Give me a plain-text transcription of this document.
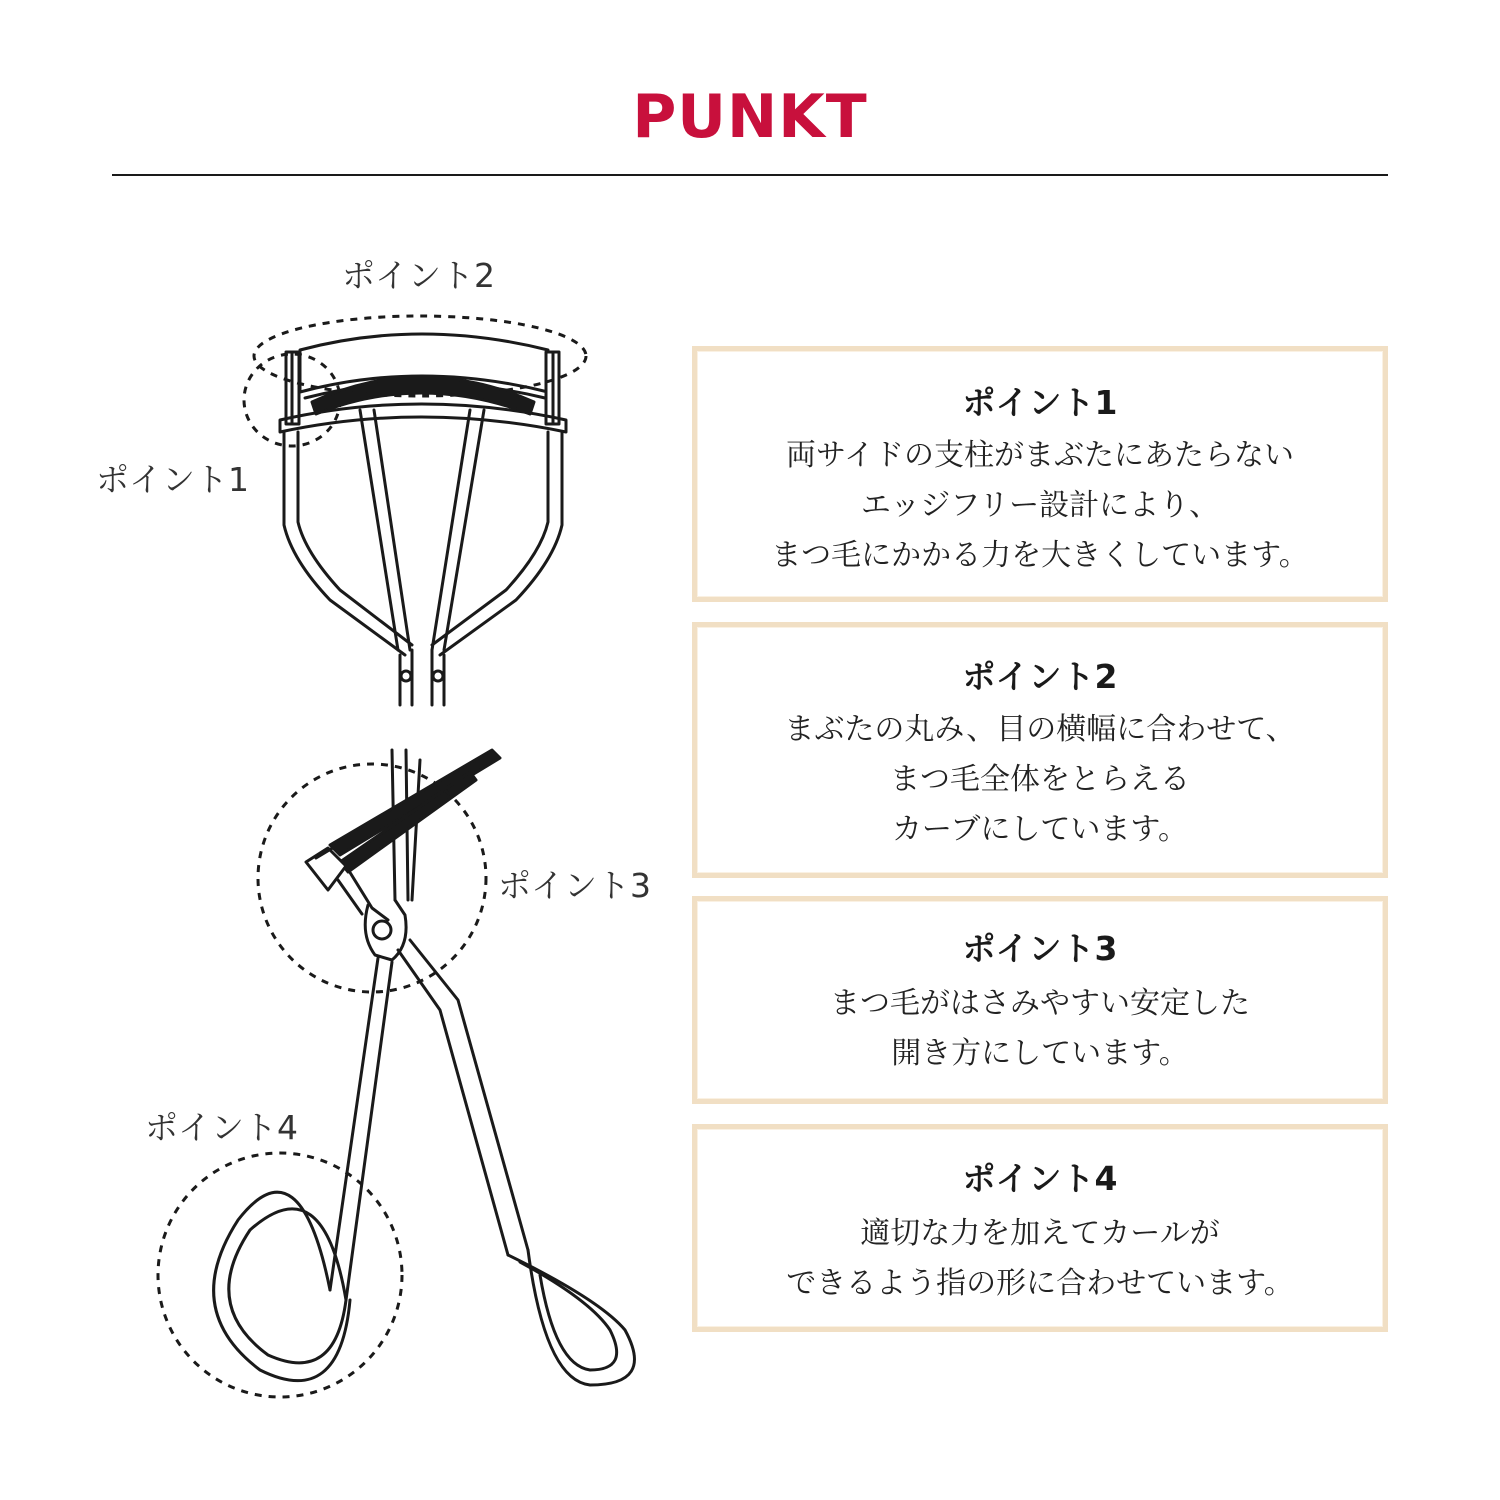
PUNKT
ポイント2
ポイント1
ポイント3
ポイント4

ポイント1

両サイドの支柱がまぶたにあたらない
エッジフリー設計により、
まつ毛にかかる力を大きくしています。

ポイント2

まぶたの丸み、目の横幅に合わせて、
まつ毛全体をとらえる
カーブにしています。

ポイント3

まつ毛がはさみやすい安定した
開き方にしています。

ポイント4

適切な力を加えてカールが
できるよう指の形に合わせています。
